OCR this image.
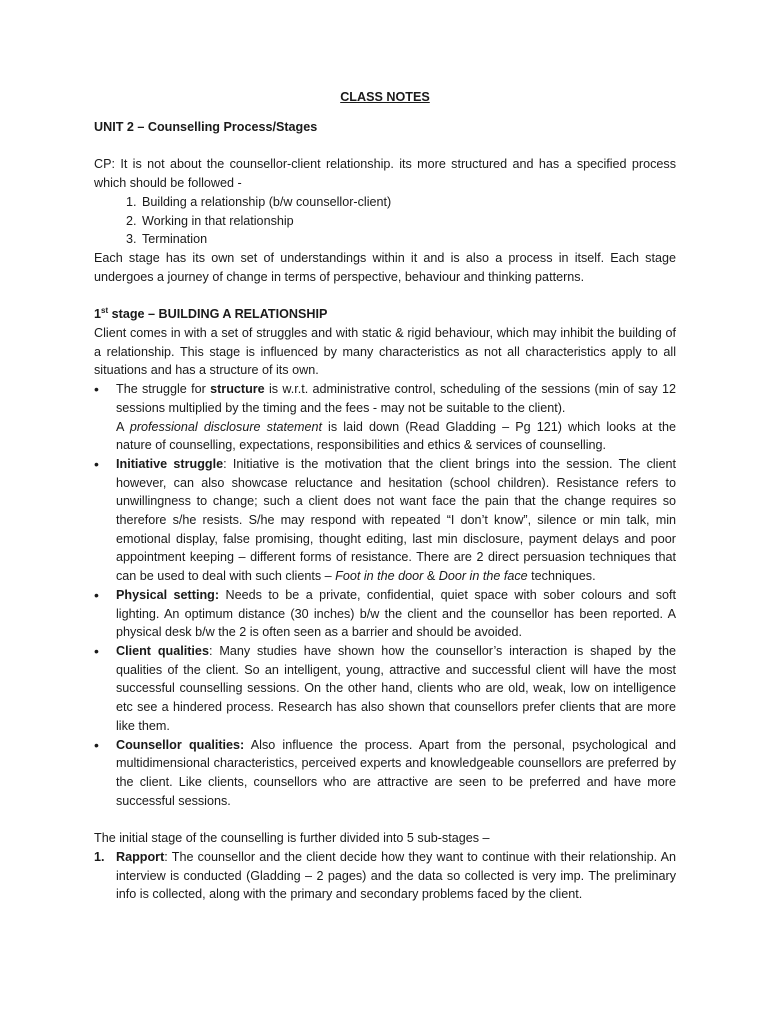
CLASS NOTES
UNIT 2 – Counselling Process/Stages

CP: It is not about the counsellor-client relationship. its more structured and has a specified process which should be followed -

1. Building a relationship (b/w counsellor-client)
2. Working in that relationship
3. Termination

Each stage has its own set of understandings within it and is also a process in itself. Each stage undergoes a journey of change in terms of perspective, behaviour and thinking patterns.

1st stage – BUILDING A RELATIONSHIP

Client comes in with a set of struggles and with static & rigid behaviour, which may inhibit the building of a relationship. This stage is influenced by many characteristics as not all characteristics apply to all situations and has a structure of its own.

• The struggle for structure is w.r.t. administrative control, scheduling of the sessions (min of say 12 sessions multiplied by the timing and the fees - may not be suitable to the client).
A professional disclosure statement is laid down (Read Gladding – Pg 121) which looks at the nature of counselling, expectations, responsibilities and ethics & services of counselling.
• Initiative struggle: Initiative is the motivation that the client brings into the session. The client however, can also showcase reluctance and hesitation (school children). Resistance refers to unwillingness to change; such a client does not want face the pain that the change requires so therefore s/he resists. S/he may respond with repeated “I don’t know”, silence or min talk, min emotional display, false promising, thought editing, last min disclosure, payment delays and poor appointment keeping – different forms of resistance. There are 2 direct persuasion techniques that can be used to deal with such clients – Foot in the door & Door in the face techniques.
• Physical setting: Needs to be a private, confidential, quiet space with sober colours and soft lighting. An optimum distance (30 inches) b/w the client and the counsellor has been reported. A physical desk b/w the 2 is often seen as a barrier and should be avoided.
• Client qualities: Many studies have shown how the counsellor’s interaction is shaped by the qualities of the client. So an intelligent, young, attractive and successful client will have the most successful counselling sessions. On the other hand, clients who are old, weak, low on intelligence etc see a hindered process. Research has also shown that counsellors prefer clients that are more like them.
• Counsellor qualities: Also influence the process. Apart from the personal, psychological and multidimensional characteristics, perceived experts and knowledgeable counsellors are preferred by the client. Like clients, counsellors who are attractive are seen to be preferred and have more successful sessions.

The initial stage of the counselling is further divided into 5 sub-stages –

1. Rapport: The counsellor and the client decide how they want to continue with their relationship. An interview is conducted (Gladding – 2 pages) and the data so collected is very imp. The preliminary info is collected, along with the primary and secondary problems faced by the client.
